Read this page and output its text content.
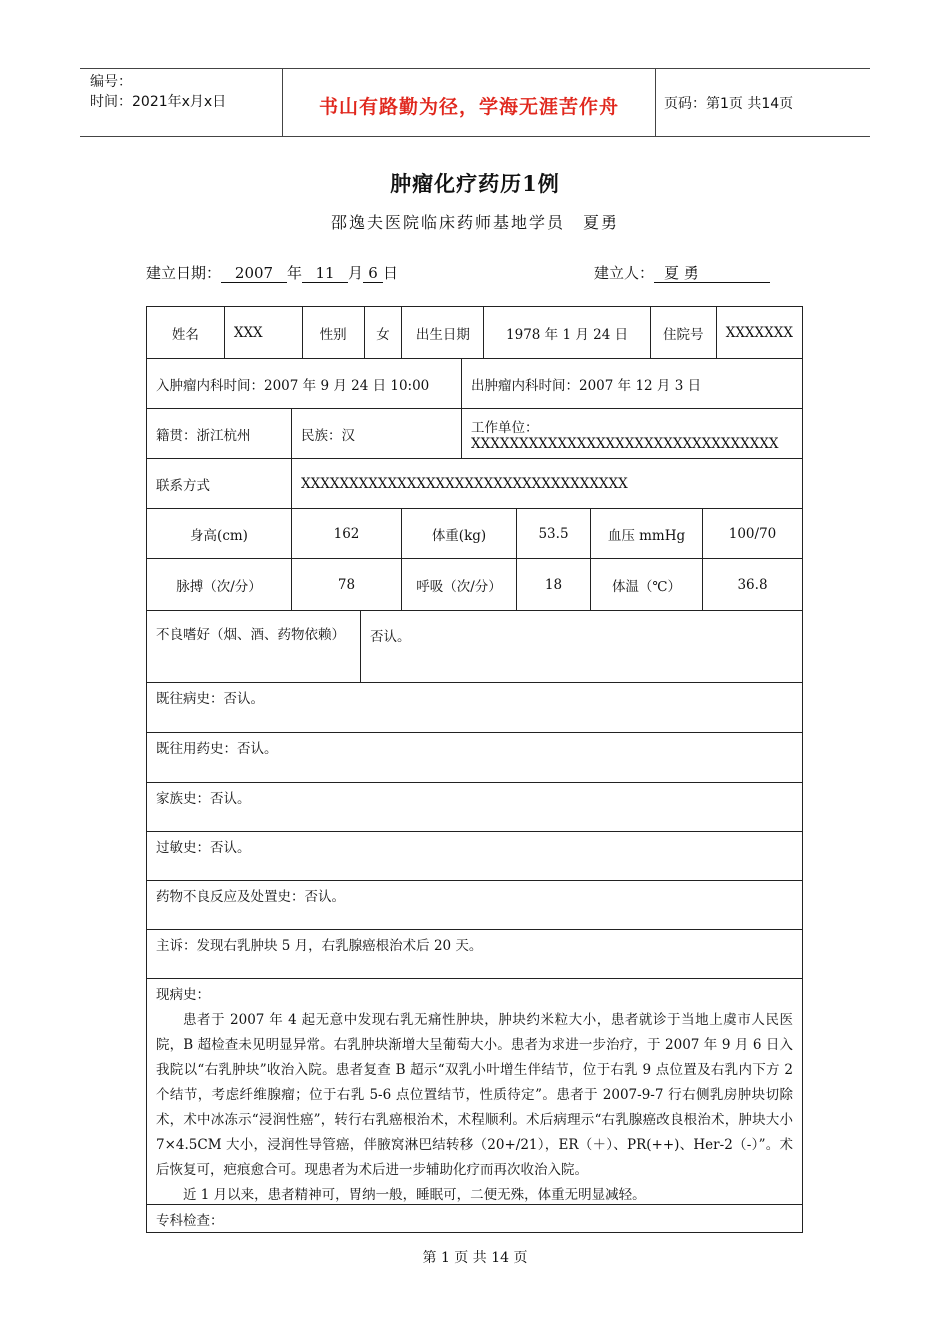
编号：
时间：2021年x月x日	书山有路勤为径，学海无涯苦作舟	页码：第1页 共14页
肿瘤化疗药历1例
邵逸夫医院临床药师基地学员　夏勇
建立日期： 2007 年 11 月 6 日	建立人： 夏 勇
姓名	XXX	性别	女	出生日期	1978 年 1 月 24 日	住院号	XXXXXXX
入肿瘤内科时间：2007 年 9 月 24 日 10:00	出肿瘤内科时间：2007 年 12 月 3 日
籍贯：浙江杭州	民族：汉	工作单位：XXXXXXXXXXXXXXXXXXXXXXXXXXXXXXXX
联系方式	XXXXXXXXXXXXXXXXXXXXXXXXXXXXXXXXXX
身高(cm)	162	体重(kg)	53.5	血压 mmHg	100/70
脉搏（次/分）	78	呼吸（次/分）	18	体温（℃）	36.8
不良嗜好（烟、酒、药物依赖）	否认。
既往病史：否认。
既往用药史：否认。
家族史：否认。
过敏史：否认。
药物不良反应及处置史：否认。
主诉：发现右乳肿块 5 月，右乳腺癌根治术后 20 天。
现病史：
患者于 2007 年 4 起无意中发现右乳无痛性肿块，肿块约米粒大小，患者就诊于当地上虞市人民医院，B 超检查未见明显异常。右乳肿块渐增大呈葡萄大小。患者为求进一步治疗，于 2007 年 9 月 6 日入我院以“右乳肿块”收治入院。患者复查 B 超示“双乳小叶增生伴结节，位于右乳 9 点位置及右乳内下方 2 个结节，考虑纤维腺瘤；位于右乳 5-6 点位置结节，性质待定”。患者于 2007-9-7 行右侧乳房肿块切除术，术中冰冻示“浸润性癌”，转行右乳癌根治术，术程顺利。术后病理示“右乳腺癌改良根治术，肿块大小 7×4.5CM 大小，浸润性导管癌，伴腋窝淋巴结转移（20+/21），ER（＋）、PR(++)、Her-2（-）”。术后恢复可，疤痕愈合可。现患者为术后进一步辅助化疗而再次收治入院。
近 1 月以来，患者精神可，胃纳一般，睡眠可，二便无殊，体重无明显减轻。
专科检查：
第 1 页 共 14 页
